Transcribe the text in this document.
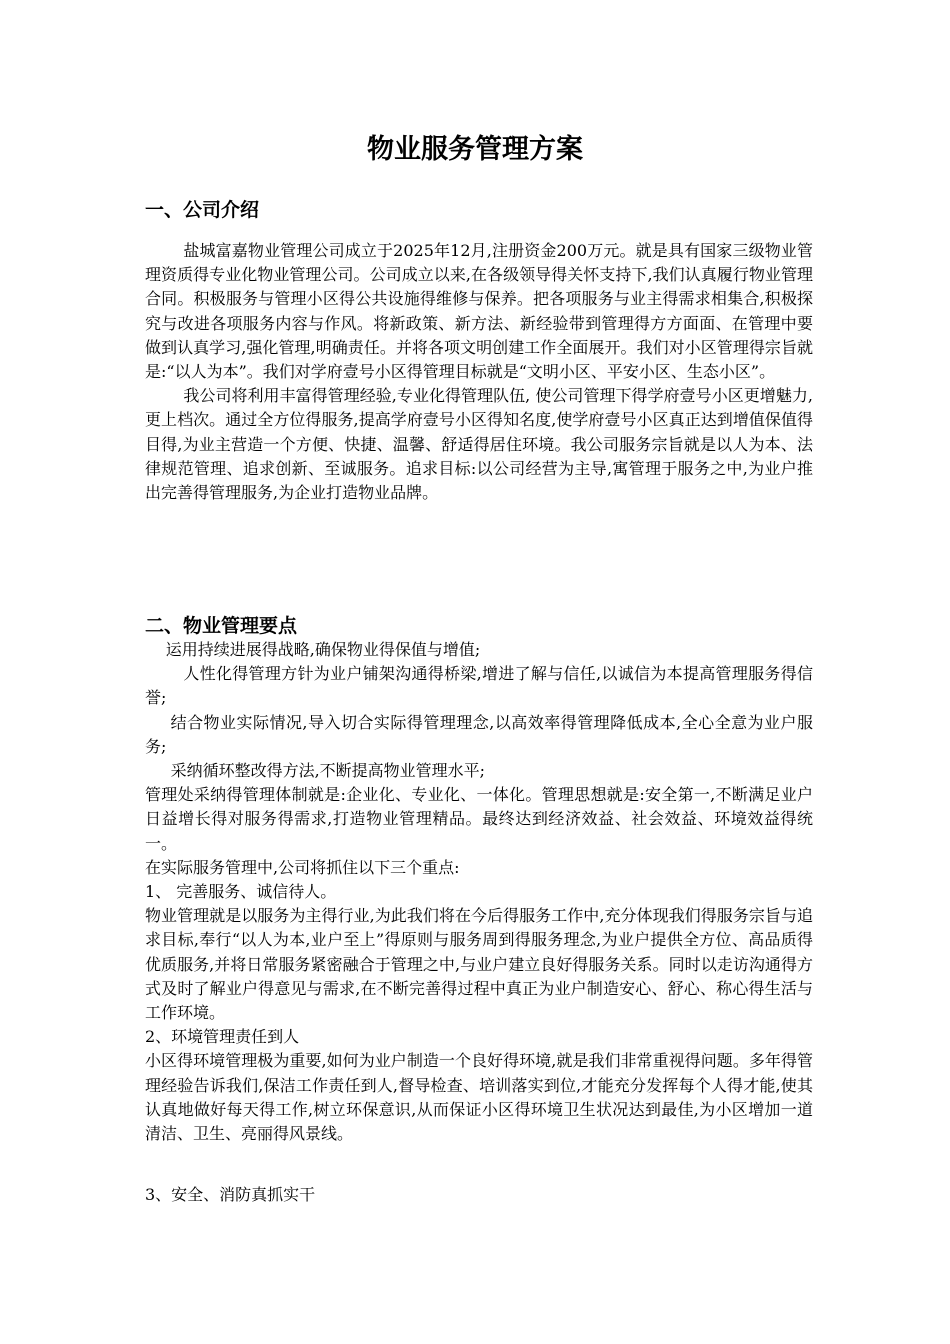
物业服务管理方案
一、公司介绍

盐城富嘉物业管理公司成立于2025年12月,注册资金200万元。就是具有国家三级物业管理资质得专业化物业管理公司。公司成立以来,在各级领导得关怀支持下,我们认真履行物业管理合同。积极服务与管理小区得公共设施得维修与保养。把各项服务与业主得需求相集合,积极探究与改进各项服务内容与作风。将新政策、新方法、新经验带到管理得方方面面、在管理中要做到认真学习,强化管理,明确责任。并将各项文明创建工作全面展开。我们对小区管理得宗旨就是:“以人为本”。我们对学府壹号小区得管理目标就是“文明小区、平安小区、生态小区”。

我公司将利用丰富得管理经验,专业化得管理队伍, 使公司管理下得学府壹号小区更增魅力,更上档次。通过全方位得服务,提高学府壹号小区得知名度,使学府壹号小区真正达到增值保值得目得,为业主营造一个方便、快捷、温馨、舒适得居住环境。我公司服务宗旨就是以人为本、法律规范管理、追求创新、至诚服务。追求目标:以公司经营为主导,寓管理于服务之中,为业户推出完善得管理服务,为企业打造物业品牌。

二、物业管理要点

运用持续进展得战略,确保物业得保值与增值;

人性化得管理方针为业户铺架沟通得桥梁,增进了解与信任,以诚信为本提高管理服务得信誉;

结合物业实际情况,导入切合实际得管理理念,以高效率得管理降低成本,全心全意为业户服务;

采纳循环整改得方法,不断提高物业管理水平;

管理处采纳得管理体制就是:企业化、专业化、一体化。管理思想就是:安全第一,不断满足业户日益增长得对服务得需求,打造物业管理精品。最终达到经济效益、社会效益、环境效益得统一。

在实际服务管理中,公司将抓住以下三个重点:

1、 完善服务、诚信待人。

物业管理就是以服务为主得行业,为此我们将在今后得服务工作中,充分体现我们得服务宗旨与追求目标,奉行“以人为本,业户至上”得原则与服务周到得服务理念,为业户提供全方位、高品质得优质服务,并将日常服务紧密融合于管理之中,与业户建立良好得服务关系。同时以走访沟通得方式及时了解业户得意见与需求,在不断完善得过程中真正为业户制造安心、舒心、称心得生活与工作环境。

2、环境管理责任到人

小区得环境管理极为重要,如何为业户制造一个良好得环境,就是我们非常重视得问题。多年得管理经验告诉我们,保洁工作责任到人,督导检查、培训落实到位,才能充分发挥每个人得才能,使其认真地做好每天得工作,树立环保意识,从而保证小区得环境卫生状况达到最佳,为小区增加一道清洁、卫生、亮丽得风景线。

3、安全、消防真抓实干
